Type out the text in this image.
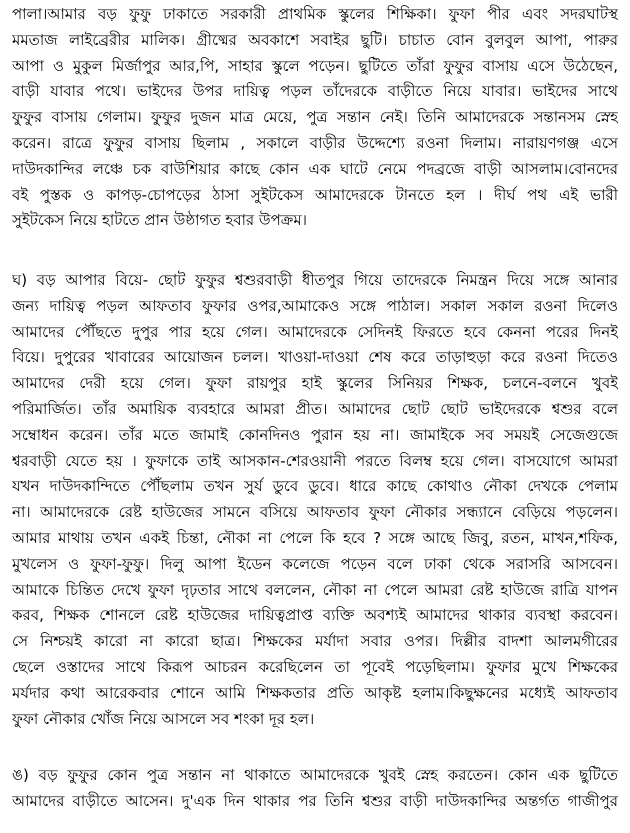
পালা।আমার বড় ফুফু ঢাকাতে সরকারী প্রাথমিক স্কুলের শিক্ষিকা। ফুফা পীর এবং সদরঘাটস্থ
মমতাজ লাইব্রেরীর মালিক। গ্রীষ্মের অবকাশে সবাইর ছুটি। চাচাত বোন বুলবুল আপা, পারুর
আপা ও মুকুল মির্জাপুর আর,পি, সাহার স্কুলে পড়েন। ছুটিতে তাঁরা ফুফুর বাসায় এসে উঠেছেন,
বাড়ী যাবার পথে। ভাইদের উপর দায়িত্ব পড়ল তাঁদেরকে বাড়ীতে নিয়ে যাবার। ভাইদের সাথে
ফুফুর বাসায় গেলাম। ফুফুর দুজন মাত্র মেয়ে, পুত্র সন্তান নেই। তিনি আমাদেরকে সন্তানসম স্নেহ
করেন। রাত্রে ফুফুর বাসায় ছিলাম , সকালে বাড়ীর উদ্দেশ্যে রওনা দিলাম। নারায়ণগঞ্জ এসে
দাউদকান্দির লঞ্চে চক বাউশিয়ার কাছে কোন এক ঘাটে নেমে পদব্রজে বাড়ী আসলাম।বোনদের
বই পুস্তক ও কাপড়-চোপড়ের ঠাসা সুইটকেস আমাদেরকে টানতে হল । দীর্ঘ পথ এই ভারী
সুইটকেস নিয়ে হাটতে প্রান উষ্ঠাগত হবার উপক্রম।
ঘ) বড় আপার বিয়ে- ছোট ফুফুর শ্বশুরবাড়ী ধীতপুর গিয়ে তাদেরকে নিমন্ত্রন দিয়ে সঙ্গে আনার
জন্য দায়িত্ব পড়ল আফতাব ফুফার ওপর,আমাকেও সঙ্গে পাঠাল। সকাল সকাল রওনা দিলেও
আমাদের পৌঁছতে দুপুর পার হয়ে গেল। আমাদেরকে সেদিনই ফিরতে হবে কেননা পরের দিনই
বিয়ে। দুপুরের খাবারের আয়োজন চলল। খাওয়া-দাওয়া শেষ করে তাড়াহুড়া করে রওনা দিতেও
আমাদের দেরী হয়ে গেল। ফুফা রায়পুর হাই স্কুলের সিনিয়র শিক্ষক, চলনে-বলনে খুবই
পরিমার্জিত। তাঁর অমায়িক ব্যবহারে আমরা প্রীত। আমাদের ছোট ছোট ভাইদেরকে শ্বশুর বলে
সম্বোধন করেন। তাঁর মতে জামাই কোনদিনও পুরান হয় না। জামাইকে সব সময়ই সেজেগুজে
শ্বরবাড়ী যেতে হয় । ফুফাকে তাই আসকান-শেরওয়ানী পরতে বিলম্ব হয়ে গেল। বাসযোগে আমরা
যখন দাউদকান্দিতে পৌঁছলাম তখন সুর্য ডুবে ডুবে। ধারে কাছে কোথাও নৌকা দেখকে পেলাম
না। আমাদেরকে রেষ্ট হাউজের সামনে বসিয়ে আফতাব ফুফা নৌকার সন্ধ্যানে বেড়িয়ে পড়লেন।
আমার মাথায় তখন একই চিন্তা, নৌকা না পেলে কি হবে ? সঙ্গে আছে জিবু, রতন, মাখন,শফিক,
মুখলেস ও ফুফা-ফুফু। দিলু আপা ইডেন কলেজে পড়েন বলে ঢাকা থেকে সরাসরি আসবেন।
আমাকে চিন্তিত দেখে ফুফা দৃঢ়তার সাথে বললেন, নৌকা না পেলে আমরা রেষ্ট হাউজে রাত্রি যাপন
করব, শিক্ষক শোনলে রেষ্ট হাউজের দায়িত্বপ্রাপ্ত ব্যক্তি অবশ্যই আমাদের থাকার ব্যবস্থা করবেন।
সে নিশ্চয়ই কারো না কারো ছাত্র। শিক্ষকের মর্যাদা সবার ওপর। দিল্লীর বাদশা আলমগীরের
ছেলে ওস্তাদের সাথে কিরূপ আচরন করেছিলেন তা পূবেই পড়েছিলাম। ফুফার মুখে শিক্ষকের
মর্যদার কথা আরেকবার শোনে আমি শিক্ষকতার প্রতি আকৃষ্ট হলাম।কিছুক্ষনের মধ্যেই আফতাব
ফুফা নৌকার খোঁজ নিয়ে আসলে সব শংকা দূর হল।
ঙ) বড় ফুফুর কোন পুত্র সন্তান না থাকাতে আমাদেরকে খুবই স্নেহ করতেন। কোন এক ছুটিতে
আমাদের বাড়ীতে আসেন। দু'এক দিন থাকার পর তিনি শ্বশুর বাড়ী দাউদকান্দির অন্তর্গত গাজীপুর
